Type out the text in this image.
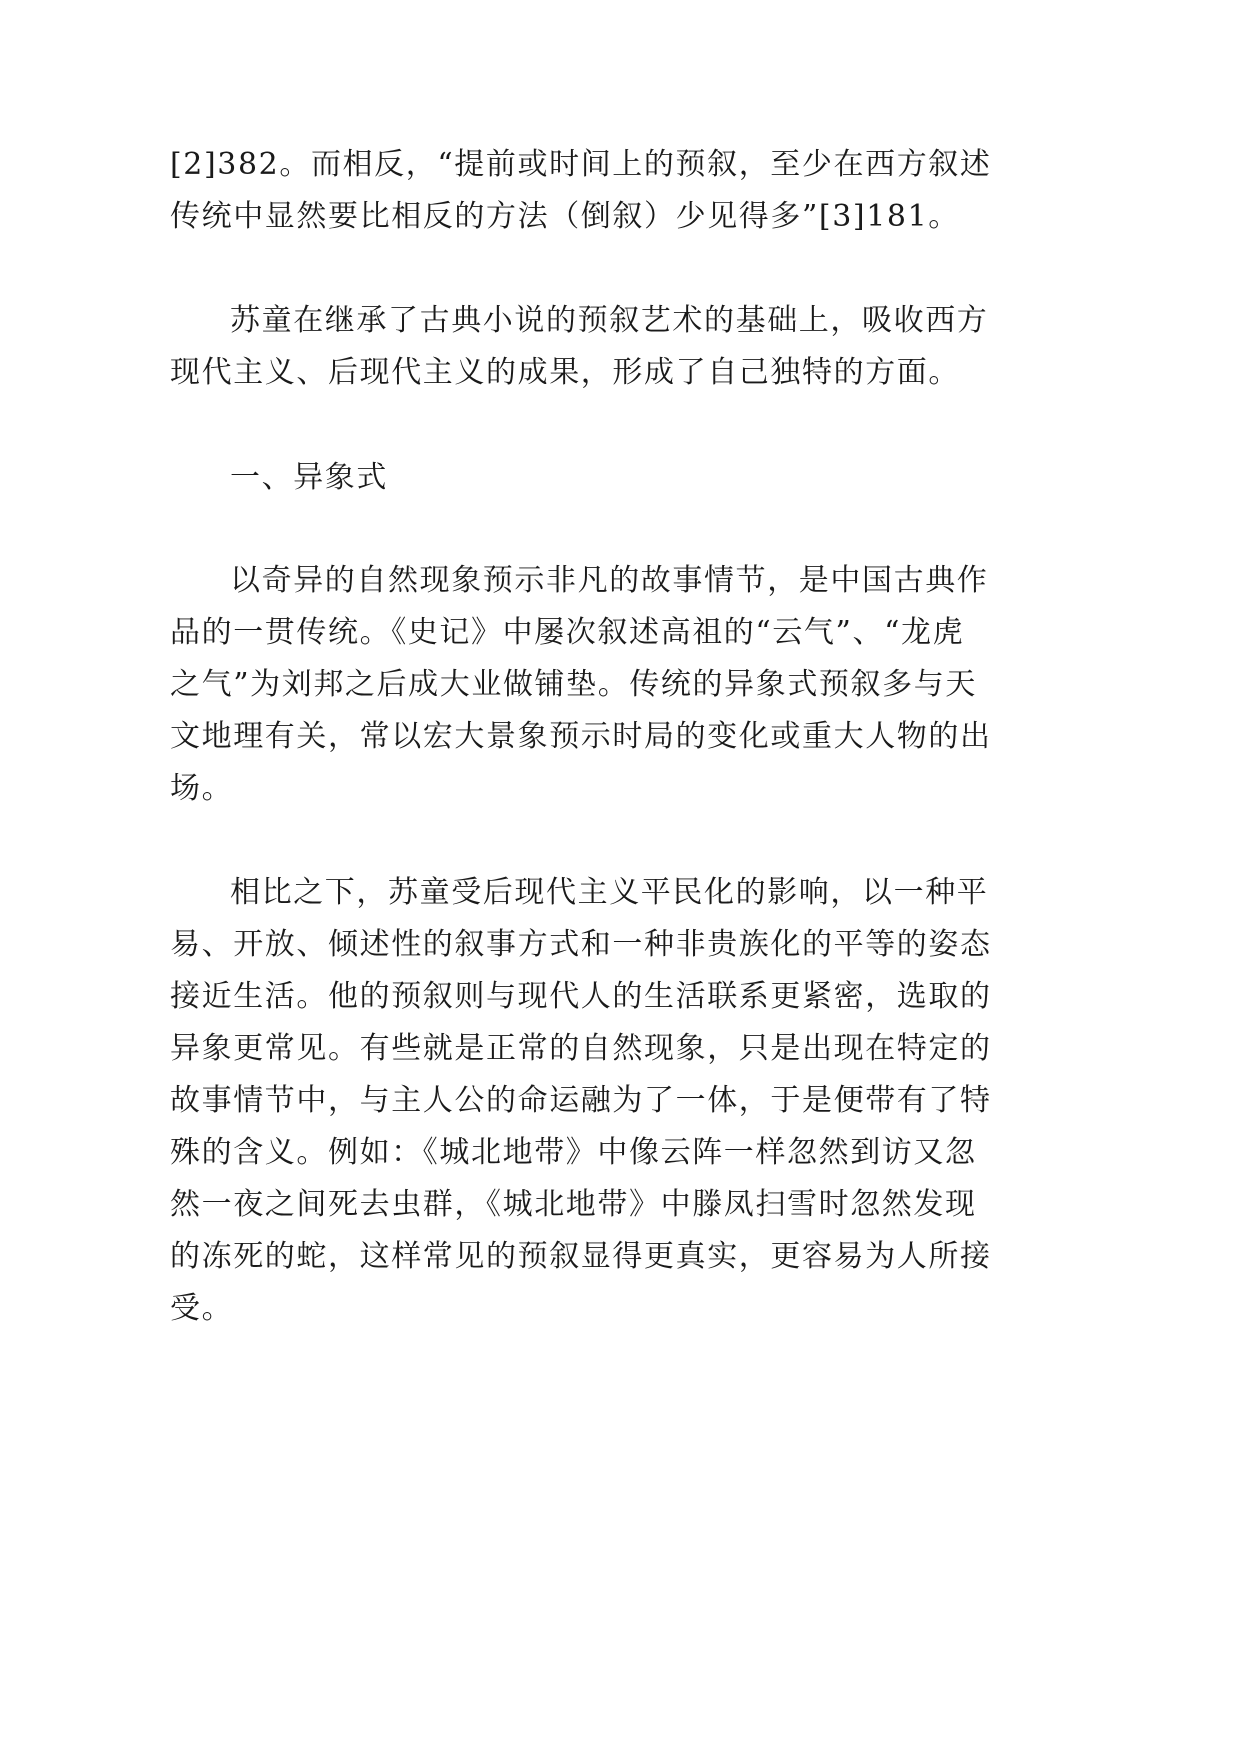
[2]382。而相反，“提前或时间上的预叙，至少在西方叙述
传统中显然要比相反的方法（倒叙）少见得多”[3]181。
苏童在继承了古典小说的预叙艺术的基础上，吸收西方
现代主义、后现代主义的成果，形成了自己独特的方面。
一、异象式
以奇异的自然现象预示非凡的故事情节，是中国古典作
品的一贯传统。《史记》中屡次叙述高祖的“云气”、“龙虎
之气”为刘邦之后成大业做铺垫。传统的异象式预叙多与天
文地理有关，常以宏大景象预示时局的变化或重大人物的出
场。
相比之下，苏童受后现代主义平民化的影响，以一种平
易、开放、倾述性的叙事方式和一种非贵族化的平等的姿态
接近生活。他的预叙则与现代人的生活联系更紧密，选取的
异象更常见。有些就是正常的自然现象，只是出现在特定的
故事情节中，与主人公的命运融为了一体，于是便带有了特
殊的含义。例如：《城北地带》中像云阵一样忽然到访又忽
然一夜之间死去虫群，《城北地带》中滕凤扫雪时忽然发现
的冻死的蛇，这样常见的预叙显得更真实，更容易为人所接
受。
